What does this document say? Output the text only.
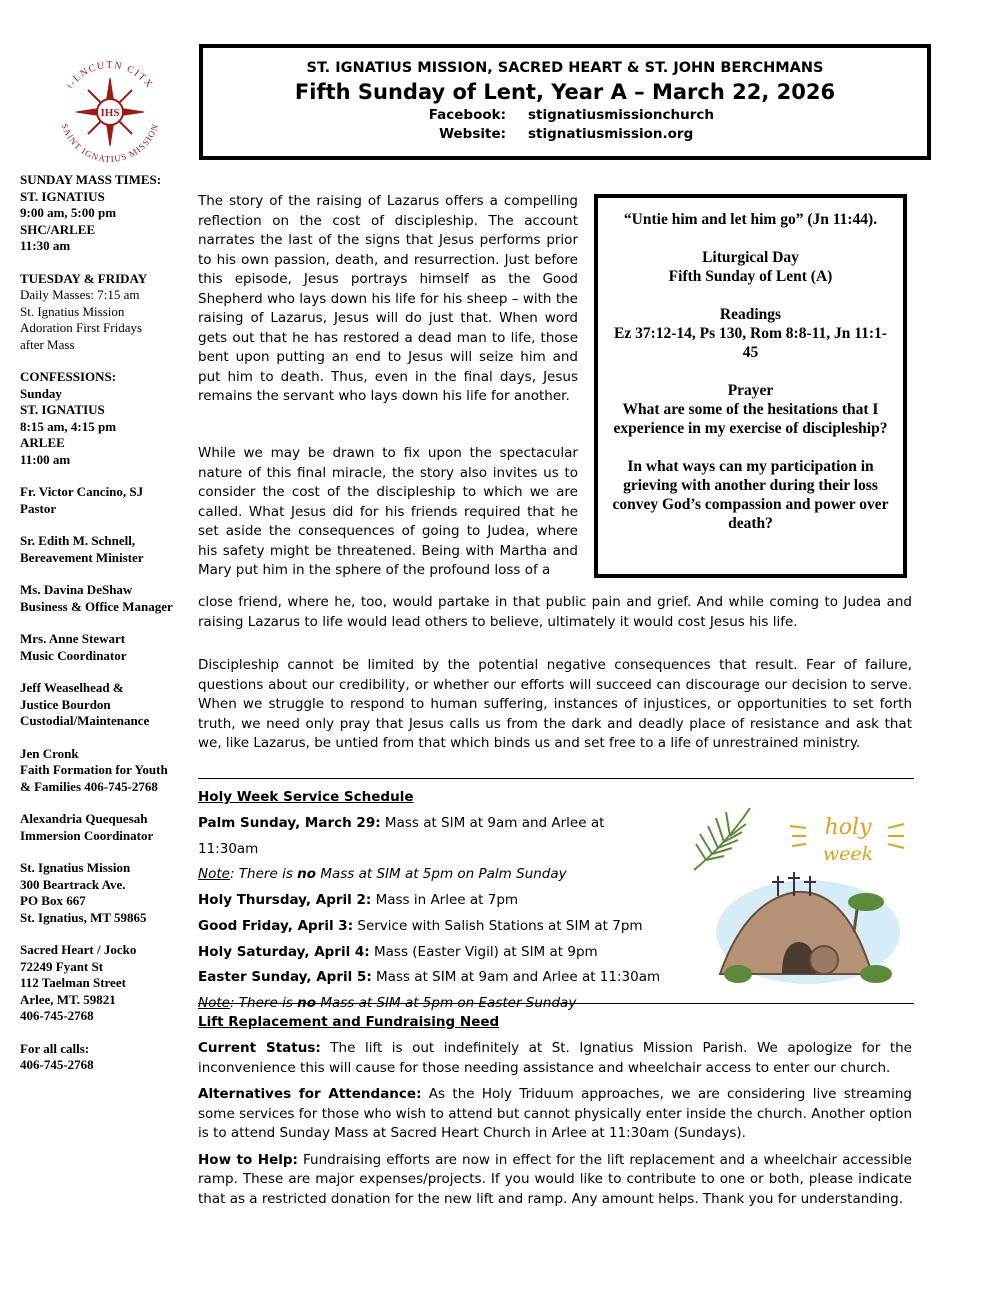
ǂ-LNCUTN CITX
SAINT IGNATIUS MISSION
IHS
SUNDAY MASS TIMES:
ST. IGNATIUS
9:00 am, 5:00 pm
SHC/ARLEE
11:30 am
TUESDAY & FRIDAY
Daily Masses: 7:15 am
St. Ignatius Mission
Adoration First Fridays
after Mass
CONFESSIONS:
Sunday
ST. IGNATIUS
8:15 am, 4:15 pm
ARLEE
11:00 am
Fr. Victor Cancino, SJ
Pastor
Sr. Edith M. Schnell,
Bereavement Minister
Ms. Davina DeShaw
Business & Office Manager
Mrs. Anne Stewart
Music Coordinator
Jeff Weaselhead &
Justice Bourdon Custodial/Maintenance
Jen Cronk
Faith Formation for Youth & Families 406-745-2768
Alexandria Quequesah
Immersion Coordinator
St. Ignatius Mission
300 Beartrack Ave.
PO Box 667
St. Ignatius, MT 59865
Sacred Heart / Jocko
72249 Fyant St
112 Taelman Street
Arlee, MT. 59821
406-745-2768
For all calls:
406-745-2768
ST. IGNATIUS MISSION, SACRED HEART & ST. JOHN BERCHMANS
Fifth Sunday of Lent, Year A – March 22, 2026
Facebook: stignatiusmissionchurch
Website: stignatiusmission.org

The story of the raising of Lazarus offers a compelling reflection on the cost of discipleship. The account narrates the last of the signs that Jesus performs prior to his own passion, death, and resurrection. Just before this episode, Jesus portrays himself as the Good Shepherd who lays down his life for his sheep – with the raising of Lazarus, Jesus will do just that. When word gets out that he has restored a dead man to life, those bent upon putting an end to Jesus will seize him and put him to death. Thus, even in the final days, Jesus remains the servant who lays down his life for another.

While we may be drawn to fix upon the spectacular nature of this final miracle, the story also invites us to consider the cost of the discipleship to which we are called. What Jesus did for his friends required that he set aside the consequences of going to Judea, where his safety might be threatened. Being with Martha and Mary put him in the sphere of the profound loss of a

close friend, where he, too, would partake in that public pain and grief. And while coming to Judea and raising Lazarus to life would lead others to believe, ultimately it would cost Jesus his life.

Discipleship cannot be limited by the potential negative consequences that result. Fear of failure, questions about our credibility, or whether our efforts will succeed can discourage our decision to serve. When we struggle to respond to human suffering, instances of injustices, or opportunities to set forth truth, we need only pray that Jesus calls us from the dark and deadly place of resistance and ask that we, like Lazarus, be untied from that which binds us and set free to a life of unrestrained ministry.

“Untie him and let him go” (Jn 11:44).
Liturgical Day
Fifth Sunday of Lent (A)
Readings
Ez 37:12-14, Ps 130, Rom 8:8-11, Jn 11:1-45
Prayer
What are some of the hesitations that I experience in my exercise of discipleship?
In what ways can my participation in grieving with another during their loss convey God’s compassion and power over death?
Holy Week Service Schedule
Palm Sunday, March 29: Mass at SIM at 9am and Arlee at 11:30am
Note: There is no Mass at SIM at 5pm on Palm Sunday
Holy Thursday, April 2: Mass in Arlee at 7pm
Good Friday, April 3: Service with Salish Stations at SIM at 7pm
Holy Saturday, April 4: Mass (Easter Vigil) at SIM at 9pm
Easter Sunday, April 5: Mass at SIM at 9am and Arlee at 11:30am
Note: There is no Mass at SIM at 5pm on Easter Sunday
holy
week
Lift Replacement and Fundraising Need

Current Status: The lift is out indefinitely at St. Ignatius Mission Parish. We apologize for the inconvenience this will cause for those needing assistance and wheelchair access to enter our church.

Alternatives for Attendance: As the Holy Triduum approaches, we are considering live streaming some services for those who wish to attend but cannot physically enter inside the church. Another option is to attend Sunday Mass at Sacred Heart Church in Arlee at 11:30am (Sundays).

How to Help: Fundraising efforts are now in effect for the lift replacement and a wheelchair accessible ramp. These are major expenses/projects. If you would like to contribute to one or both, please indicate that as a restricted donation for the new lift and ramp. Any amount helps. Thank you for understanding.
